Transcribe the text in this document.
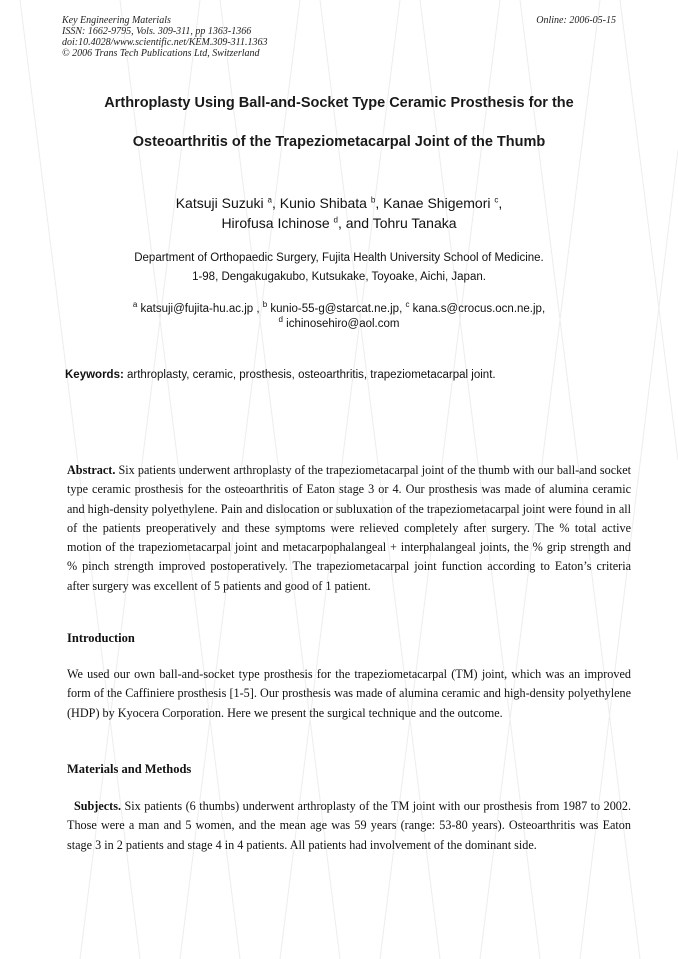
Key Engineering Materials
ISSN: 1662-9795, Vols. 309-311, pp 1363-1366
doi:10.4028/www.scientific.net/KEM.309-311.1363
© 2006 Trans Tech Publications Ltd, Switzerland
Online: 2006-05-15
Arthroplasty Using Ball-and-Socket Type Ceramic Prosthesis for the
Osteoarthritis of the Trapeziometacarpal Joint of the Thumb
Katsuji Suzuki $^a$, Kunio Shibata $^b$, Kanae Shigemori $^c$,
Hirofusa Ichinose $^d$, and Tohru Tanaka
Department of Orthopaedic Surgery, Fujita Health University School of Medicine.
1-98, Dengakugakubo, Kutsukake, Toyoake, Aichi, Japan.
$^a$ katsuji@fujita-hu.ac.jp , $^b$ kunio-55-g@starcat.ne.jp, $^c$ kana.s@crocus.ocn.ne.jp,
$^d$ ichinosehiro@aol.com
Keywords: arthroplasty, ceramic, prosthesis, osteoarthritis, trapeziometacarpal joint.

Abstract. Six patients underwent arthroplasty of the trapeziometacarpal joint of the thumb with our ball-and socket type ceramic prosthesis for the osteoarthritis of Eaton stage 3 or 4. Our prosthesis was made of alumina ceramic and high-density polyethylene. Pain and dislocation or subluxation of the trapeziometacarpal joint were found in all of the patients preoperatively and these symptoms were relieved completely after surgery. The % total active motion of the trapeziometacarpal joint and metacarpophalangeal + interphalangeal joints, the % grip strength and % pinch strength improved postoperatively. The trapeziometacarpal joint function according to Eaton’s criteria after surgery was excellent of 5 patients and good of 1 patient.

Introduction

We used our own ball-and-socket type prosthesis for the trapeziometacarpal (TM) joint, which was an improved form of the Caffiniere prosthesis [1-5]. Our prosthesis was made of alumina ceramic and high-density polyethylene (HDP) by Kyocera Corporation. Here we present the surgical technique and the outcome.

Materials and Methods

Subjects. Six patients (6 thumbs) underwent arthroplasty of the TM joint with our prosthesis from 1987 to 2002. Those were a man and 5 women, and the mean age was 59 years (range: 53-80 years). Osteoarthritis was Eaton stage 3 in 2 patients and stage 4 in 4 patients. All patients had involvement of the dominant side.
